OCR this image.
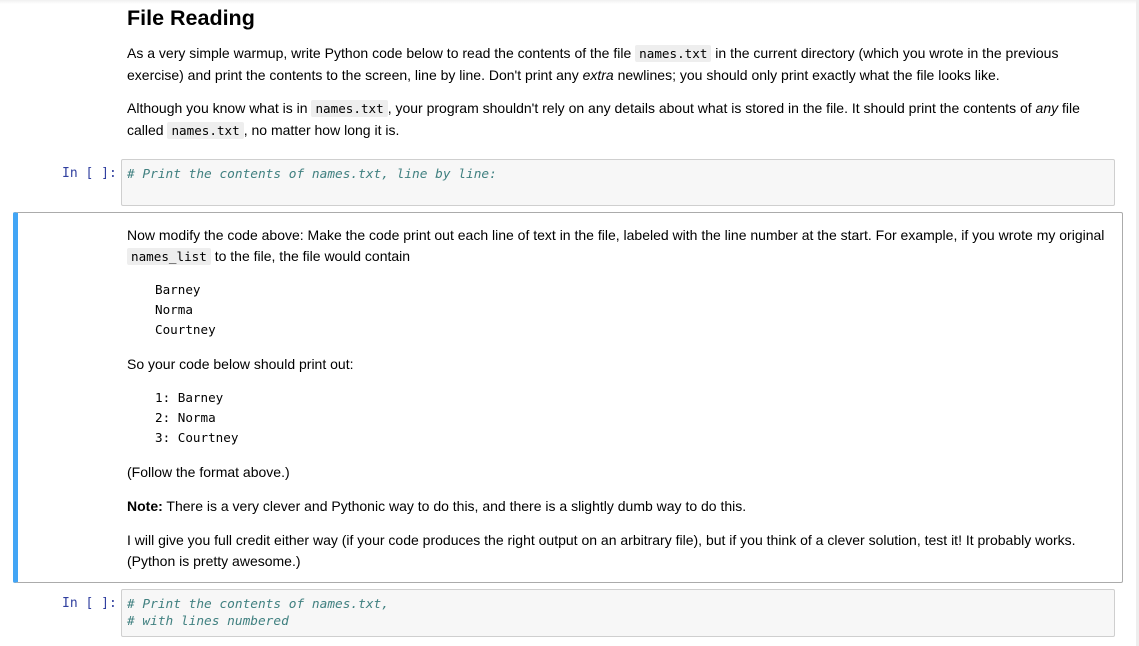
File Reading

As a very simple warmup, write Python code below to read the contents of the file names.txt in the current directory (which you wrote in the previous exercise) and print the contents to the screen, line by line. Don't print any extra newlines; you should only print exactly what the file looks like.

Although you know what is in names.txt , your program shouldn't rely on any details about what is stored in the file. It should print the contents of any file called names.txt , no matter how long it is.

In [ ]: # Print the contents of names.txt, line by line:

Now modify the code above: Make the code print out each line of text in the file, labeled with the line number at the start. For example, if you wrote my original names_list to the file, the file would contain

Barney
Norma
Courtney

So your code below should print out:

1: Barney
2: Norma
3: Courtney

(Follow the format above.)

Note: There is a very clever and Pythonic way to do this, and there is a slightly dumb way to do this.

I will give you full credit either way (if your code produces the right output on an arbitrary file), but if you think of a clever solution, test it! It probably works. (Python is pretty awesome.)

In [ ]: # Print the contents of names.txt,
# with lines numbered
